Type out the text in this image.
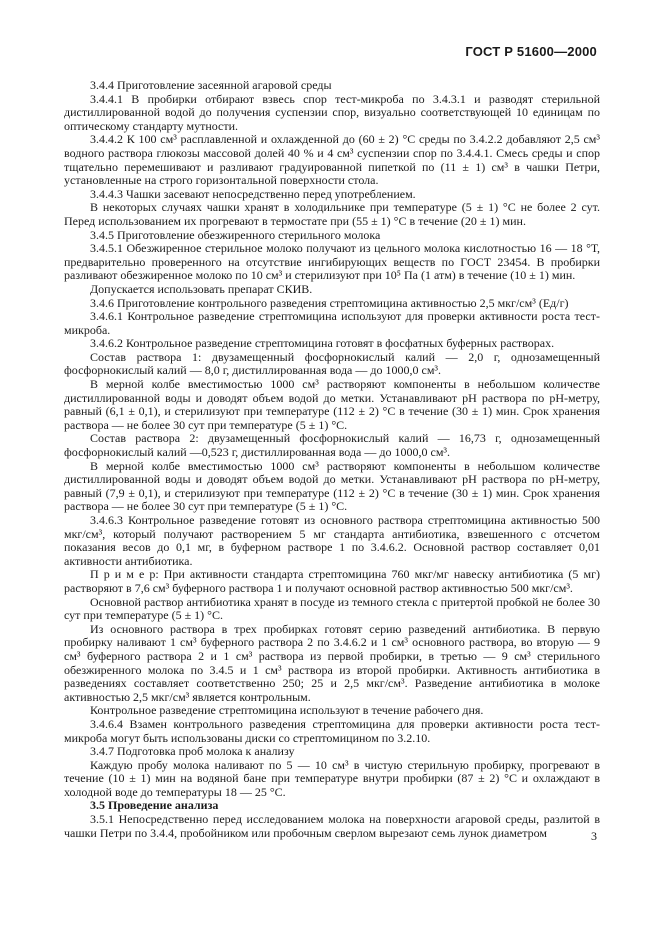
ГОСТ Р 51600—2000

3.4.4 Приготовление засеянной агаровой среды

3.4.4.1 В пробирки отбирают взвесь спор тест-микроба по 3.4.3.1 и разводят стерильной дистиллированной водой до получения суспензии спор, визуально соответствующей 10 единицам по оптическому стандарту мутности.

3.4.4.2 К 100 см³ расплавленной и охлажденной до (60 ± 2) °С среды по 3.4.2.2 добавляют 2,5 см³ водного раствора глюкозы массовой долей 40 % и 4 см³ суспензии спор по 3.4.4.1. Смесь среды и спор тщательно перемешивают и разливают градуированной пипеткой по (11 ± 1) см³ в чашки Петри, установленные на строго горизонтальной поверхности стола.

3.4.4.3 Чашки засевают непосредственно перед употреблением.

В некоторых случаях чашки хранят в холодильнике при температуре (5 ± 1) °С не более 2 сут. Перед использованием их прогревают в термостате при (55 ± 1) °С в течение (20 ± 1) мин.

3.4.5 Приготовление обезжиренного стерильного молока

3.4.5.1 Обезжиренное стерильное молоко получают из цельного молока кислотностью 16 — 18 °Т, предварительно проверенного на отсутствие ингибирующих веществ по ГОСТ 23454. В пробирки разливают обезжиренное молоко по 10 см³ и стерилизуют при 10⁵ Па (1 атм) в течение (10 ± 1) мин.

Допускается использовать препарат СКИВ.

3.4.6 Приготовление контрольного разведения стрептомицина активностью 2,5 мкг/см³ (Ед/г)

3.4.6.1 Контрольное разведение стрептомицина используют для проверки активности роста тест-микроба.

3.4.6.2 Контрольное разведение стрептомицина готовят в фосфатных буферных растворах.

Состав раствора 1: двузамещенный фосфорнокислый калий — 2,0 г, однозамещенный фосфорнокислый калий — 8,0 г, дистиллированная вода — до 1000,0 см³.

В мерной колбе вместимостью 1000 см³ растворяют компоненты в небольшом количестве дистиллированной воды и доводят объем водой до метки. Устанавливают pH раствора по pH-метру, равный (6,1 ± 0,1), и стерилизуют при температуре (112 ± 2) °С в течение (30 ± 1) мин. Срок хранения раствора — не более 30 сут при температуре (5 ± 1) °С.

Состав раствора 2: двузамещенный фосфорнокислый калий — 16,73 г, однозамещенный фосфорнокислый калий —0,523 г, дистиллированная вода — до 1000,0 см³.

В мерной колбе вместимостью 1000 см³ растворяют компоненты в небольшом количестве дистиллированной воды и доводят объем водой до метки. Устанавливают pH раствора по pH-метру, равный (7,9 ± 0,1), и стерилизуют при температуре (112 ± 2) °С в течение (30 ± 1) мин. Срок хранения раствора — не более 30 сут при температуре (5 ± 1) °С.

3.4.6.3 Контрольное разведение готовят из основного раствора стрептомицина активностью 500 мкг/см³, который получают растворением 5 мг стандарта антибиотика, взвешенного с отсчетом показания весов до 0,1 мг, в буферном растворе 1 по 3.4.6.2. Основной раствор составляет 0,01 активности антибиотика.

П р и м е р: При активности стандарта стрептомицина 760 мкг/мг навеску антибиотика (5 мг) растворяют в 7,6 см³ буферного раствора 1 и получают основной раствор активностью 500 мкг/см³.

Основной раствор антибиотика хранят в посуде из темного стекла с притертой пробкой не более 30 сут при температуре (5 ± 1) °С.

Из основного раствора в трех пробирках готовят серию разведений антибиотика. В первую пробирку наливают 1 см³ буферного раствора 2 по 3.4.6.2 и 1 см³ основного раствора, во вторую — 9 см³ буферного раствора 2 и 1 см³ раствора из первой пробирки, в третью — 9 см³ стерильного обезжиренного молока по 3.4.5 и 1 см³ раствора из второй пробирки. Активность антибиотика в разведениях составляет соответственно 250; 25 и 2,5 мкг/см³. Разведение антибиотика в молоке активностью 2,5 мкг/см³ является контрольным.

Контрольное разведение стрептомицина используют в течение рабочего дня.

3.4.6.4 Взамен контрольного разведения стрептомицина для проверки активности роста тест-микроба могут быть использованы диски со стрептомицином по 3.2.10.

3.4.7 Подготовка проб молока к анализу

Каждую пробу молока наливают по 5 — 10 см³ в чистую стерильную пробирку, прогревают в течение (10 ± 1) мин на водяной бане при температуре внутри пробирки (87 ± 2) °С и охлаждают в холодной воде до температуры 18 — 25 °С.

3.5 Проведение анализа

3.5.1 Непосредственно перед исследованием молока на поверхности агаровой среды, разлитой в чашки Петри по 3.4.4, пробойником или пробочным сверлом вырезают семь лунок диаметром	3
